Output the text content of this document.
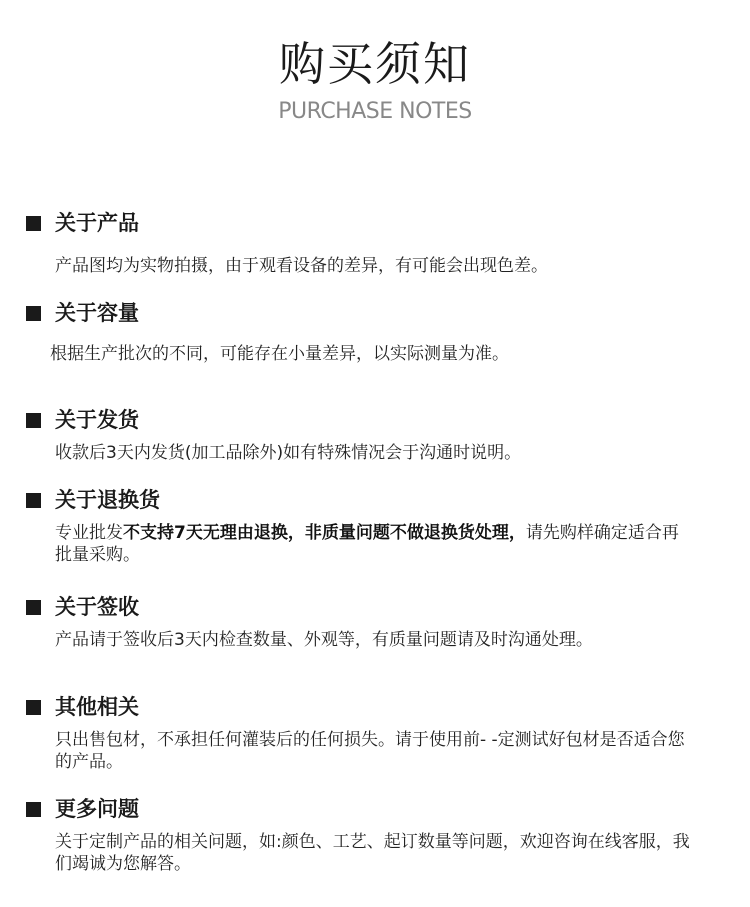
购买须知
PURCHASE NOTES
关于产品
产品图均为实物拍摄，由于观看设备的差异，有可能会出现色差。
关于容量
根据生产批次的不同，可能存在小量差异，以实际测量为准。
关于发货
收款后3天内发货(加工品除外)如有特殊情况会于沟通时说明。
关于退换货
专业批发不支持7天无理由退换，非质量问题不做退换货处理，请先购样确定适合再批量采购。
关于签收
产品请于签收后3天内检查数量、外观等，有质量问题请及时沟通处理。
其他相关
只出售包材，不承担任何灌装后的任何损失。请于使用前- -定测试好包材是否适合您的产品。
更多问题
关于定制产品的相关问题，如:颜色、工艺、起订数量等问题，欢迎咨询在线客服，我们竭诚为您解答。
